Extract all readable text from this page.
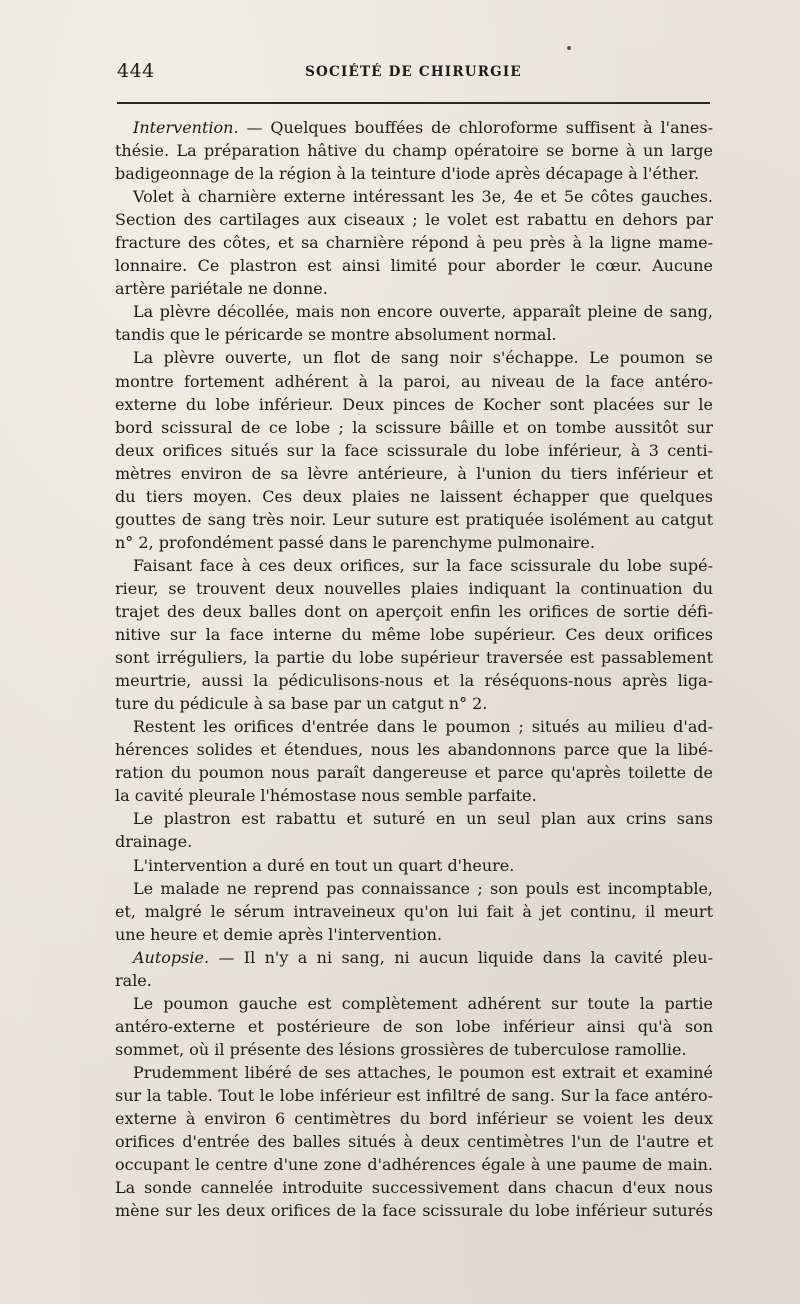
444	SOCIÉTÉ DE CHIRURGIE
Intervention. — Quelques bouffées de chloroforme suffisent à l'anes-
thésie. La préparation hâtive du champ opératoire se borne à un large
badigeonnage de la région à la teinture d'iode après décapage à l'éther.
Volet à charnière externe intéressant les 3e, 4e et 5e côtes gauches.
Section des cartilages aux ciseaux ; le volet est rabattu en dehors par
fracture des côtes, et sa charnière répond à peu près à la ligne mame-
lonnaire. Ce plastron est ainsi limité pour aborder le cœur. Aucune
artère pariétale ne donne.
La plèvre décollée, mais non encore ouverte, apparaît pleine de sang,
tandis que le péricarde se montre absolument normal.
La plèvre ouverte, un flot de sang noir s'échappe. Le poumon se
montre fortement adhérent à la paroi, au niveau de la face antéro-
externe du lobe inférieur. Deux pinces de Kocher sont placées sur le
bord scissural de ce lobe ; la scissure bâille et on tombe aussitôt sur
deux orifices situés sur la face scissurale du lobe inférieur, à 3 centi-
mètres environ de sa lèvre antérieure, à l'union du tiers inférieur et
du tiers moyen. Ces deux plaies ne laissent échapper que quelques
gouttes de sang très noir. Leur suture est pratiquée isolément au catgut
n° 2, profondément passé dans le parenchyme pulmonaire.
Faisant face à ces deux orifices, sur la face scissurale du lobe supé-
rieur, se trouvent deux nouvelles plaies indiquant la continuation du
trajet des deux balles dont on aperçoit enfin les orifices de sortie défi-
nitive sur la face interne du même lobe supérieur. Ces deux orifices
sont irréguliers, la partie du lobe supérieur traversée est passablement
meurtrie, aussi la pédiculisons-nous et la réséquons-nous après liga-
ture du pédicule à sa base par un catgut n° 2.
Restent les orifices d'entrée dans le poumon ; situés au milieu d'ad-
hérences solides et étendues, nous les abandonnons parce que la libé-
ration du poumon nous paraît dangereuse et parce qu'après toilette de
la cavité pleurale l'hémostase nous semble parfaite.
Le plastron est rabattu et suturé en un seul plan aux crins sans
drainage.
L'intervention a duré en tout un quart d'heure.
Le malade ne reprend pas connaissance ; son pouls est incomptable,
et, malgré le sérum intraveineux qu'on lui fait à jet continu, il meurt
une heure et demie après l'intervention.
Autopsie. — Il n'y a ni sang, ni aucun liquide dans la cavité pleu-
rale.
Le poumon gauche est complètement adhérent sur toute la partie
antéro-externe et postérieure de son lobe inférieur ainsi qu'à son
sommet, où il présente des lésions grossières de tuberculose ramollie.
Prudemment libéré de ses attaches, le poumon est extrait et examiné
sur la table. Tout le lobe inférieur est infiltré de sang. Sur la face antéro-
externe à environ 6 centimètres du bord inférieur se voient les deux
orifices d'entrée des balles situés à deux centimètres l'un de l'autre et
occupant le centre d'une zone d'adhérences égale à une paume de main.
La sonde cannelée introduite successivement dans chacun d'eux nous
mène sur les deux orifices de la face scissurale du lobe inférieur suturés
